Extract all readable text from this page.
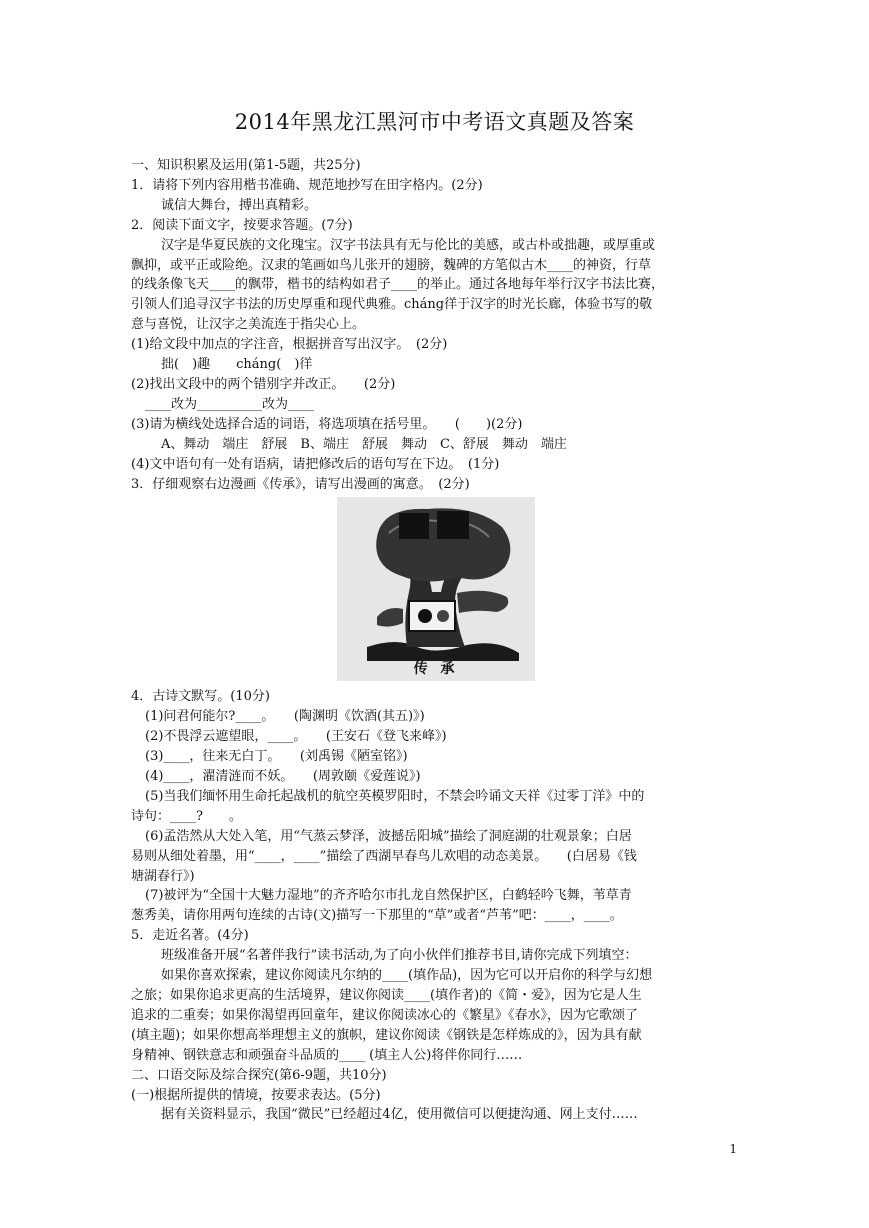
2014年黑龙江黑河市中考语文真题及答案

一、知识积累及运用(第1-5题，共25分)

1．请将下列内容用楷书准确、规范地抄写在田字格内。(2分)

诚信大舞台，搏出真精彩。

2．阅读下面文字，按要求答题。(7分)

汉字是华夏民族的文化瑰宝。汉字书法具有无与伦比的美感，或古朴或拙趣，或厚重或

飘抑，或平正或险绝。汉隶的笔画如鸟儿张开的翅膀，魏碑的方笔似古木____的神资，行草

的线条像飞天____的飘带，楷书的结构如君子____的举止。通过各地每年举行汉字书法比赛，

引领人们追寻汉字书法的历史厚重和现代典雅。cháng徉于汉字的时光长廊，体验书写的敬

意与喜悦，让汉字之美流连于指尖心上。

(1)给文段中加点的字注音，根据拼音写出汉字。　(2分)

拙(　)趣　　cháng(　)徉

(2)找出文段中的两个错别字并改正。　　(2分)

____改为__________改为____

(3)请为横线处选择合适的词语，将选项填在括号里。　　(　　)(2分)

A、舞动　端庄　舒展　B、端庄　舒展　舞动　C、舒展　舞动　端庄

(4)文中语句有一处有语病，请把修改后的语句写在下边。　(1分)

3．仔细观察右边漫画《传承》，请写出漫画的寓意。　(2分)

传 承

4．古诗文默写。(10分)

(1)问君何能尔?____。　　(陶渊明《饮酒(其五)》)

(2)不畏浮云遮望眼，____。　　(王安石《登飞来峰》)

(3)____，往来无白丁。　　(刘禹锡《陋室铭》)

(4)____，濯清涟而不妖。　　(周敦颐《爱莲说》)

(5)当我们缅怀用生命托起战机的航空英模罗阳时，不禁会吟诵文天祥《过零丁洋》中的

诗句：____?　　。

(6)孟浩然从大处入笔，用“气蒸云梦泽，波撼岳阳城”描绘了洞庭湖的壮观景象；白居

易则从细处着墨，用“____，____”描绘了西湖早春鸟儿欢唱的动态美景。　　(白居易《钱

塘湖春行》)

(7)被评为“全国十大魅力湿地”的齐齐哈尔市扎龙自然保护区，白鹤轻吟飞舞，苇草青

葱秀美，请你用两句连续的古诗(文)描写一下那里的“草”或者“芦苇”吧：____，____。

5．走近名著。(4分)

班级准备开展“名著伴我行”读书活动,为了向小伙伴们推荐书目,请你完成下列填空：

如果你喜欢探索，建议你阅读凡尔纳的____(填作品)，因为它可以开启你的科学与幻想

之旅；如果你追求更高的生活境界，建议你阅读____(填作者)的《简・爱》，因为它是人生

追求的二重奏；如果你渴望再回童年，建议你阅读冰心的《繁星》《春水》，因为它歌颂了

(填主题)；如果你想高举理想主义的旗帜，建议你阅读《钢铁是怎样炼成的》，因为具有献

身精神、钢铁意志和顽强奋斗品质的____ (填主人公)将伴你同行……

二、口语交际及综合探究(第6-9题，共10分)

(一)根据所提供的情境，按要求表达。(5分)

据有关资料显示，我国“微民”已经超过4亿，使用微信可以便捷沟通、网上支付……

1
